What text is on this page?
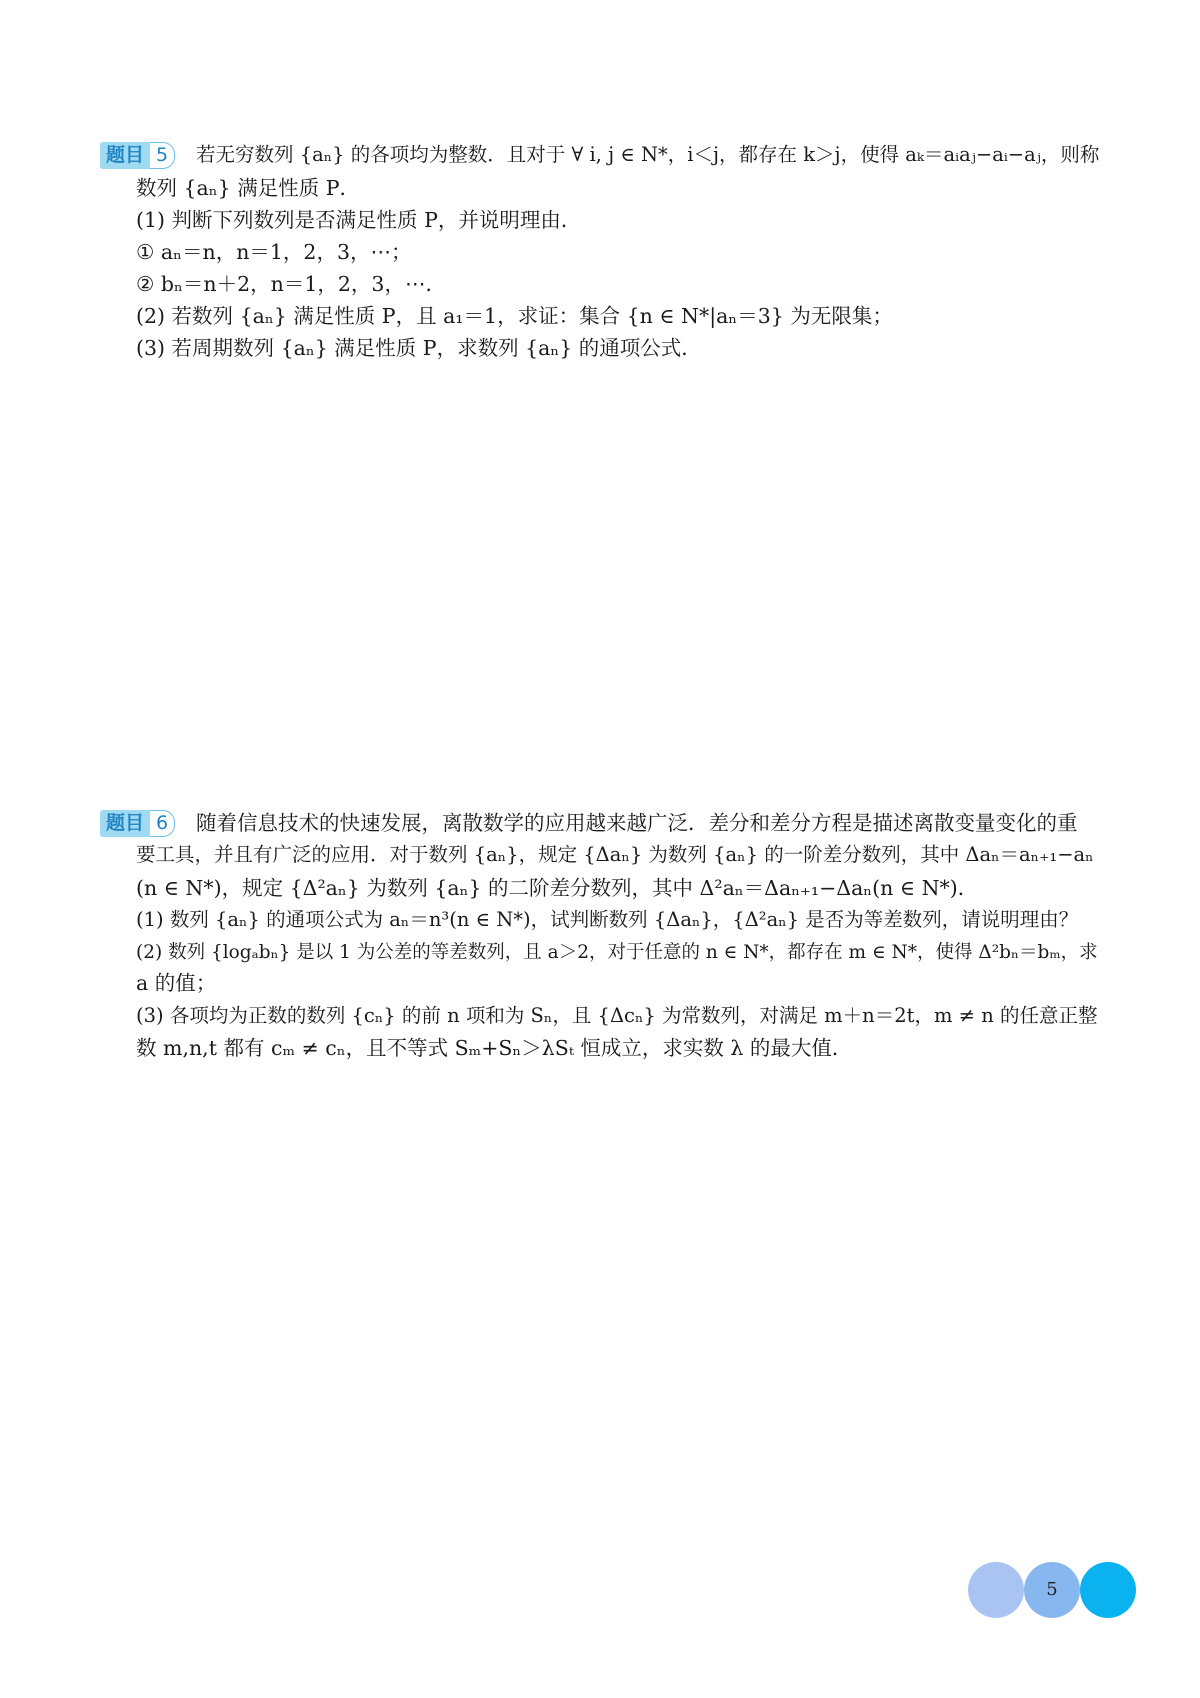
题目 5	若无穷数列 {aₙ} 的各项均为整数．且对于 ∀ i, j ∈ N*，i＜j，都存在 k＞j，使得 aₖ＝aᵢaⱼ−aᵢ−aⱼ，则称
数列 {aₙ} 满足性质 P．
(1) 判断下列数列是否满足性质 P，并说明理由．
① aₙ＝n，n＝1，2，3，⋯；
② bₙ＝n＋2，n＝1，2，3，⋯．
(2) 若数列 {aₙ} 满足性质 P，且 a₁＝1，求证：集合 {n ∈ N*|aₙ＝3} 为无限集；
(3) 若周期数列 {aₙ} 满足性质 P，求数列 {aₙ} 的通项公式．
题目 6	随着信息技术的快速发展，离散数学的应用越来越广泛．差分和差分方程是描述离散变量变化的重
要工具，并且有广泛的应用．对于数列 {aₙ}，规定 {Δaₙ} 为数列 {aₙ} 的一阶差分数列，其中 Δaₙ＝aₙ₊₁−aₙ
(n ∈ N*)，规定 {Δ²aₙ} 为数列 {aₙ} 的二阶差分数列，其中 Δ²aₙ＝Δaₙ₊₁−Δaₙ(n ∈ N*)．
(1) 数列 {aₙ} 的通项公式为 aₙ＝n³(n ∈ N*)，试判断数列 {Δaₙ}，{Δ²aₙ} 是否为等差数列，请说明理由？
(2) 数列 {logₐbₙ} 是以 1 为公差的等差数列，且 a＞2，对于任意的 n ∈ N*，都存在 m ∈ N*，使得 Δ²bₙ＝bₘ，求
a 的值；
(3) 各项均为正数的数列 {cₙ} 的前 n 项和为 Sₙ，且 {Δcₙ} 为常数列，对满足 m＋n＝2t，m ≠ n 的任意正整
数 m,n,t 都有 cₘ ≠ cₙ，且不等式 Sₘ+Sₙ＞λSₜ 恒成立，求实数 λ 的最大值．
5
